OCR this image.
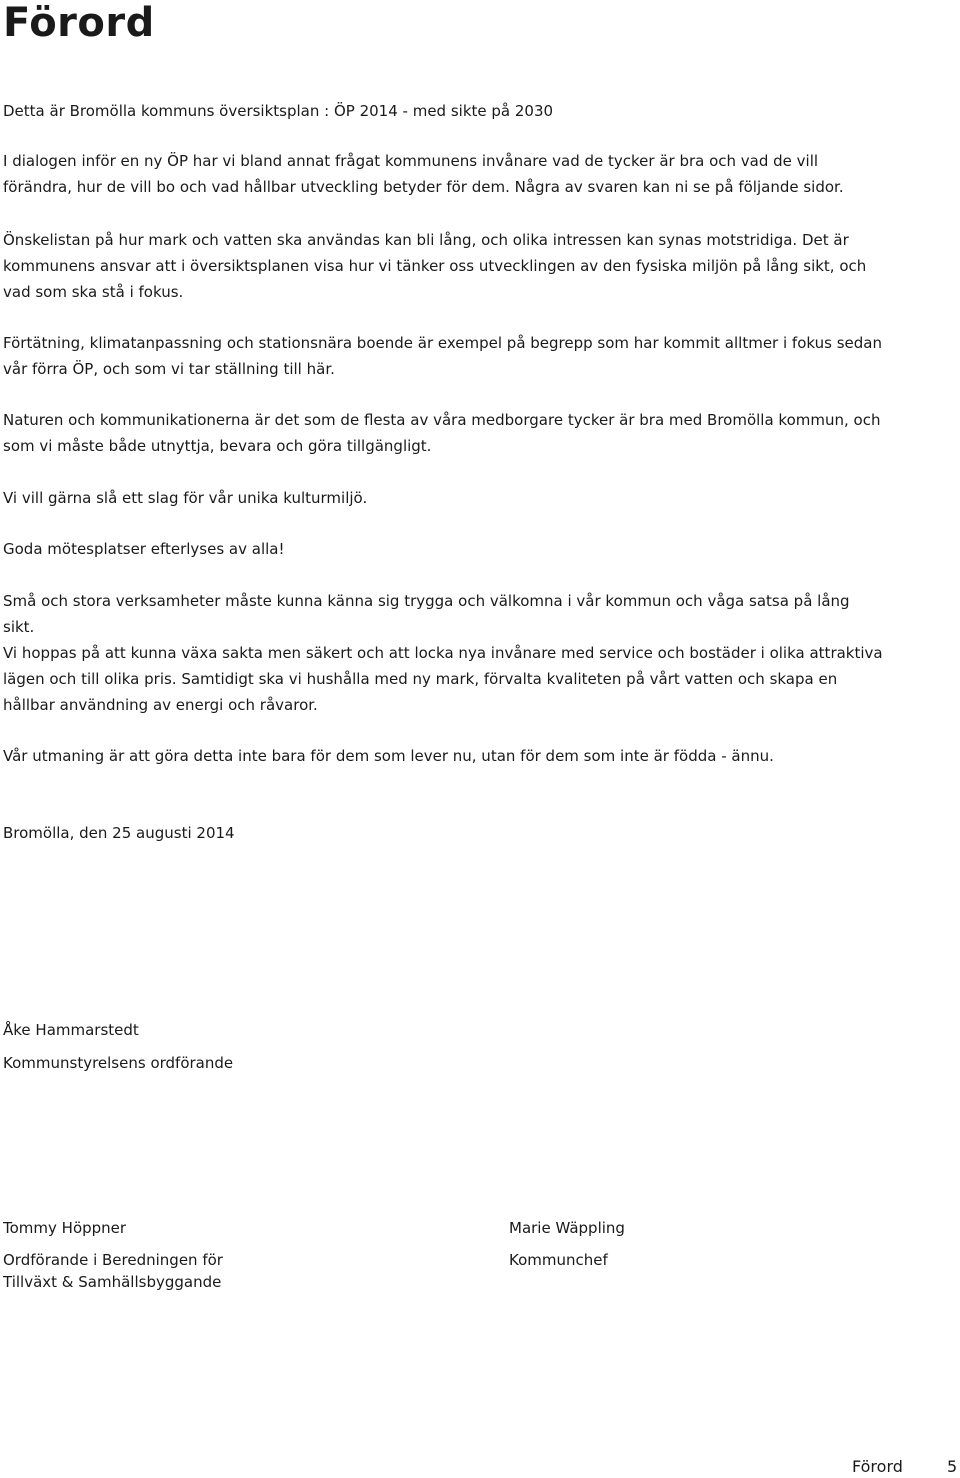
Förord

Detta är Bromölla kommuns översiktsplan : ÖP 2014 - med sikte på 2030

I dialogen inför en ny ÖP har vi bland annat frågat kommunens invånare vad de tycker är bra och vad de vill förändra, hur de vill bo och vad hållbar utveckling betyder för dem. Några av svaren kan ni se på följande sidor.

Önskelistan på hur mark och vatten ska användas kan bli lång, och olika intressen kan synas motstridiga. Det är kommunens ansvar att i översiktsplanen visa hur vi tänker oss utvecklingen av den fysiska miljön på lång sikt, och vad som ska stå i fokus.

Förtätning, klimatanpassning och stationsnära boende är exempel på begrepp som har kommit alltmer i fokus sedan vår förra ÖP, och som vi tar ställning till här.

Naturen och kommunikationerna är det som de flesta av våra medborgare tycker är bra med Bromölla kommun, och som vi måste både utnyttja, bevara och göra tillgängligt.

Vi vill gärna slå ett slag för vår unika kulturmiljö.

Goda mötesplatser efterlyses av alla!

Små och stora verksamheter måste kunna känna sig trygga och välkomna i vår kommun och våga satsa på lång sikt.

Vi hoppas på att kunna växa sakta men säkert och att locka nya invånare med service och bostäder i olika attraktiva lägen och till olika pris. Samtidigt ska vi hushålla med ny mark, förvalta kvaliteten på vårt vatten och skapa en hållbar användning av energi och råvaror.

Vår utmaning är att göra detta inte bara för dem som lever nu, utan för dem som inte är födda - ännu.

Bromölla, den 25 augusti 2014

Åke Hammarstedt

Kommunstyrelsens ordförande

Tommy Höppner

Ordförande i Beredningen för

Tillväxt & Samhällsbyggande

Marie Wäppling

Kommunchef

Förord	5
